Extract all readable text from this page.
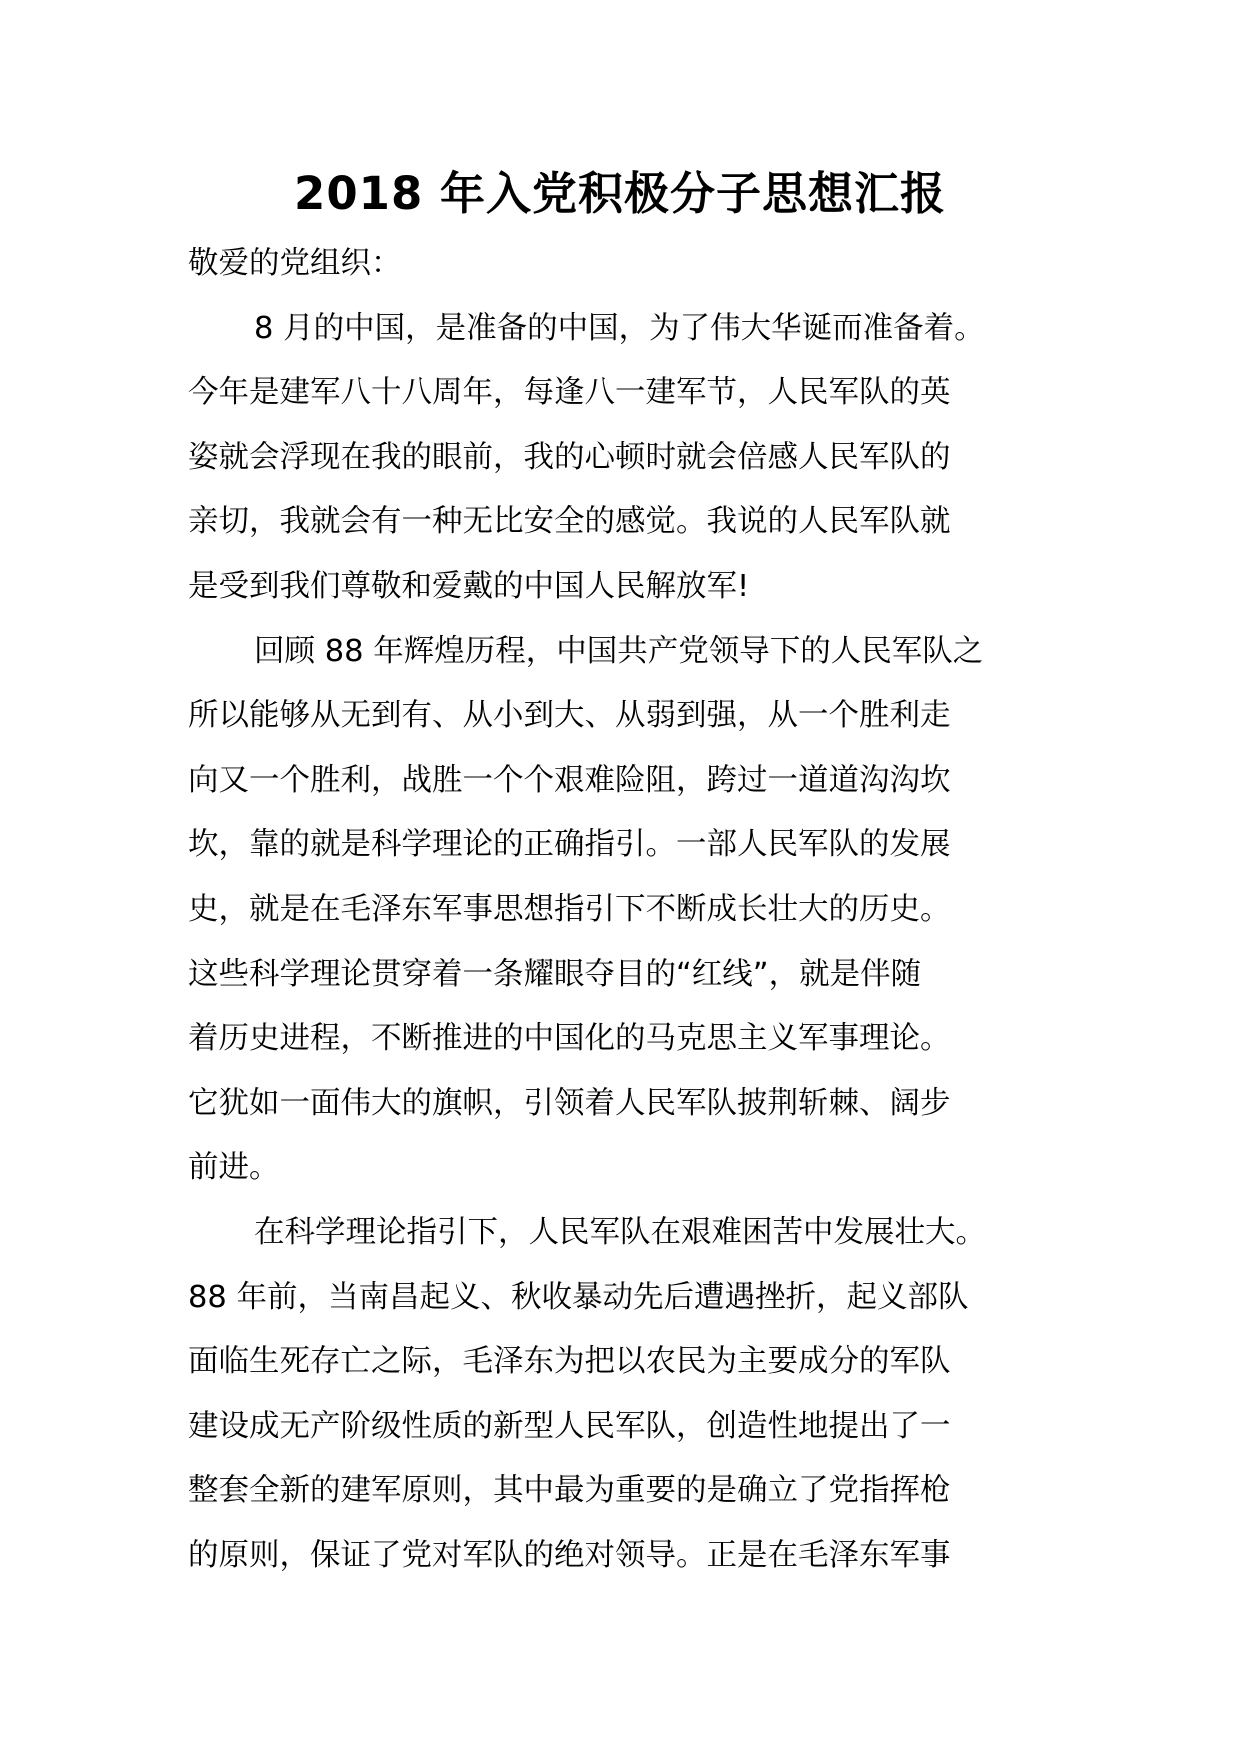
2018 年入党积极分子思想汇报
敬爱的党组织：
8 月的中国，是准备的中国，为了伟大华诞而准备着。
今年是建军八十八周年，每逢八一建军节，人民军队的英
姿就会浮现在我的眼前，我的心顿时就会倍感人民军队的
亲切，我就会有一种无比安全的感觉。我说的人民军队就
是受到我们尊敬和爱戴的中国人民解放军!
回顾 88 年辉煌历程，中国共产党领导下的人民军队之
所以能够从无到有、从小到大、从弱到强，从一个胜利走
向又一个胜利，战胜一个个艰难险阻，跨过一道道沟沟坎
坎，靠的就是科学理论的正确指引。一部人民军队的发展
史，就是在毛泽东军事思想指引下不断成长壮大的历史。
这些科学理论贯穿着一条耀眼夺目的“红线”，就是伴随
着历史进程，不断推进的中国化的马克思主义军事理论。
它犹如一面伟大的旗帜，引领着人民军队披荆斩棘、阔步
前进。
在科学理论指引下，人民军队在艰难困苦中发展壮大。
88 年前，当南昌起义、秋收暴动先后遭遇挫折，起义部队
面临生死存亡之际，毛泽东为把以农民为主要成分的军队
建设成无产阶级性质的新型人民军队，创造性地提出了一
整套全新的建军原则，其中最为重要的是确立了党指挥枪
的原则，保证了党对军队的绝对领导。正是在毛泽东军事
